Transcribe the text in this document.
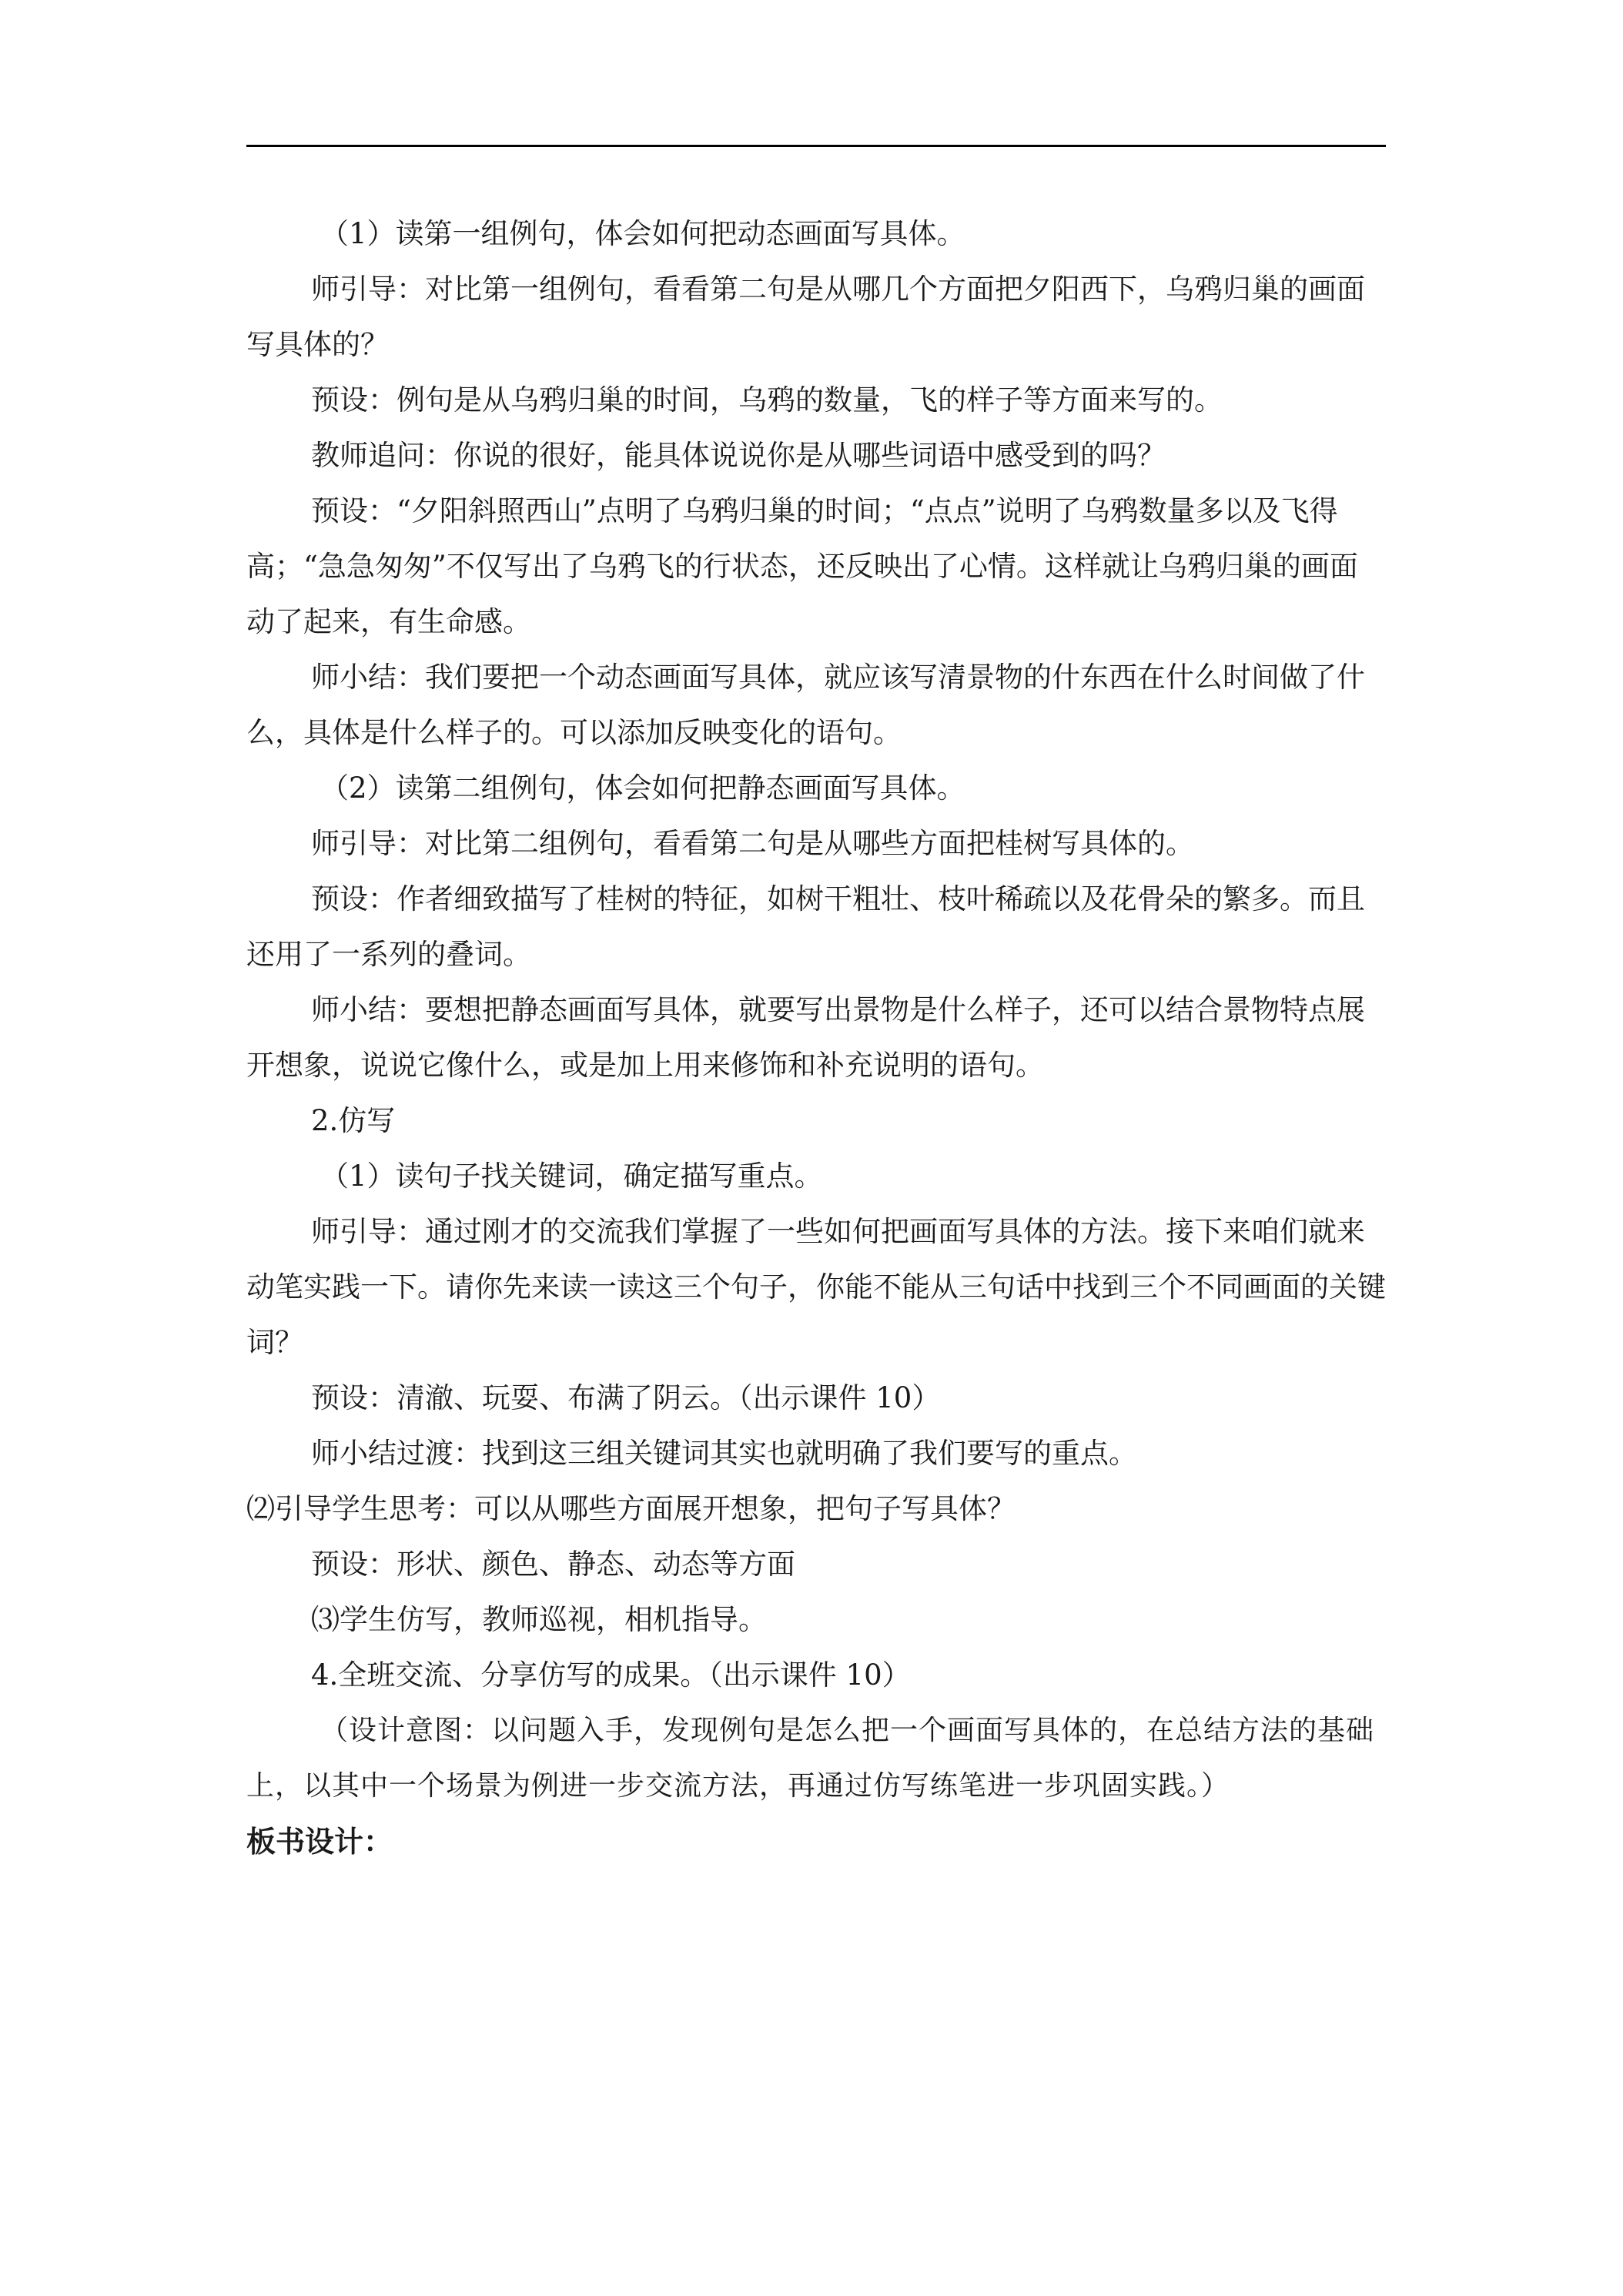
（1）读第一组例句，体会如何把动态画面写具体。

师引导：对比第一组例句，看看第二句是从哪几个方面把夕阳西下，乌鸦归巢的画面写具体的？

预设：例句是从乌鸦归巢的时间，乌鸦的数量，飞的样子等方面来写的。

教师追问：你说的很好，能具体说说你是从哪些词语中感受到的吗？

预设：“夕阳斜照西山”点明了乌鸦归巢的时间；“点点”说明了乌鸦数量多以及飞得高；“急急匆匆”不仅写出了乌鸦飞的行状态，还反映出了心情。这样就让乌鸦归巢的画面动了起来，有生命感。

师小结：我们要把一个动态画面写具体，就应该写清景物的什东西在什么时间做了什么，具体是什么样子的。可以添加反映变化的语句。

（2）读第二组例句，体会如何把静态画面写具体。

师引导：对比第二组例句，看看第二句是从哪些方面把桂树写具体的。

预设：作者细致描写了桂树的特征，如树干粗壮、枝叶稀疏以及花骨朵的繁多。而且还用了一系列的叠词。

师小结：要想把静态画面写具体，就要写出景物是什么样子，还可以结合景物特点展开想象，说说它像什么，或是加上用来修饰和补充说明的语句。

2.仿写

（1）读句子找关键词，确定描写重点。

师引导：通过刚才的交流我们掌握了一些如何把画面写具体的方法。接下来咱们就来动笔实践一下。请你先来读一读这三个句子，你能不能从三句话中找到三个不同画面的关键词？

预设：清澈、玩耍、布满了阴云。（出示课件 10）

师小结过渡：找到这三组关键词其实也就明确了我们要写的重点。

⑵引导学生思考：可以从哪些方面展开想象，把句子写具体？

预设：形状、颜色、静态、动态等方面

⑶学生仿写，教师巡视，相机指导。

4.全班交流、分享仿写的成果。（出示课件 10）

（设计意图：以问题入手，发现例句是怎么把一个画面写具体的，在总结方法的基础上，以其中一个场景为例进一步交流方法，再通过仿写练笔进一步巩固实践。）

板书设计：
